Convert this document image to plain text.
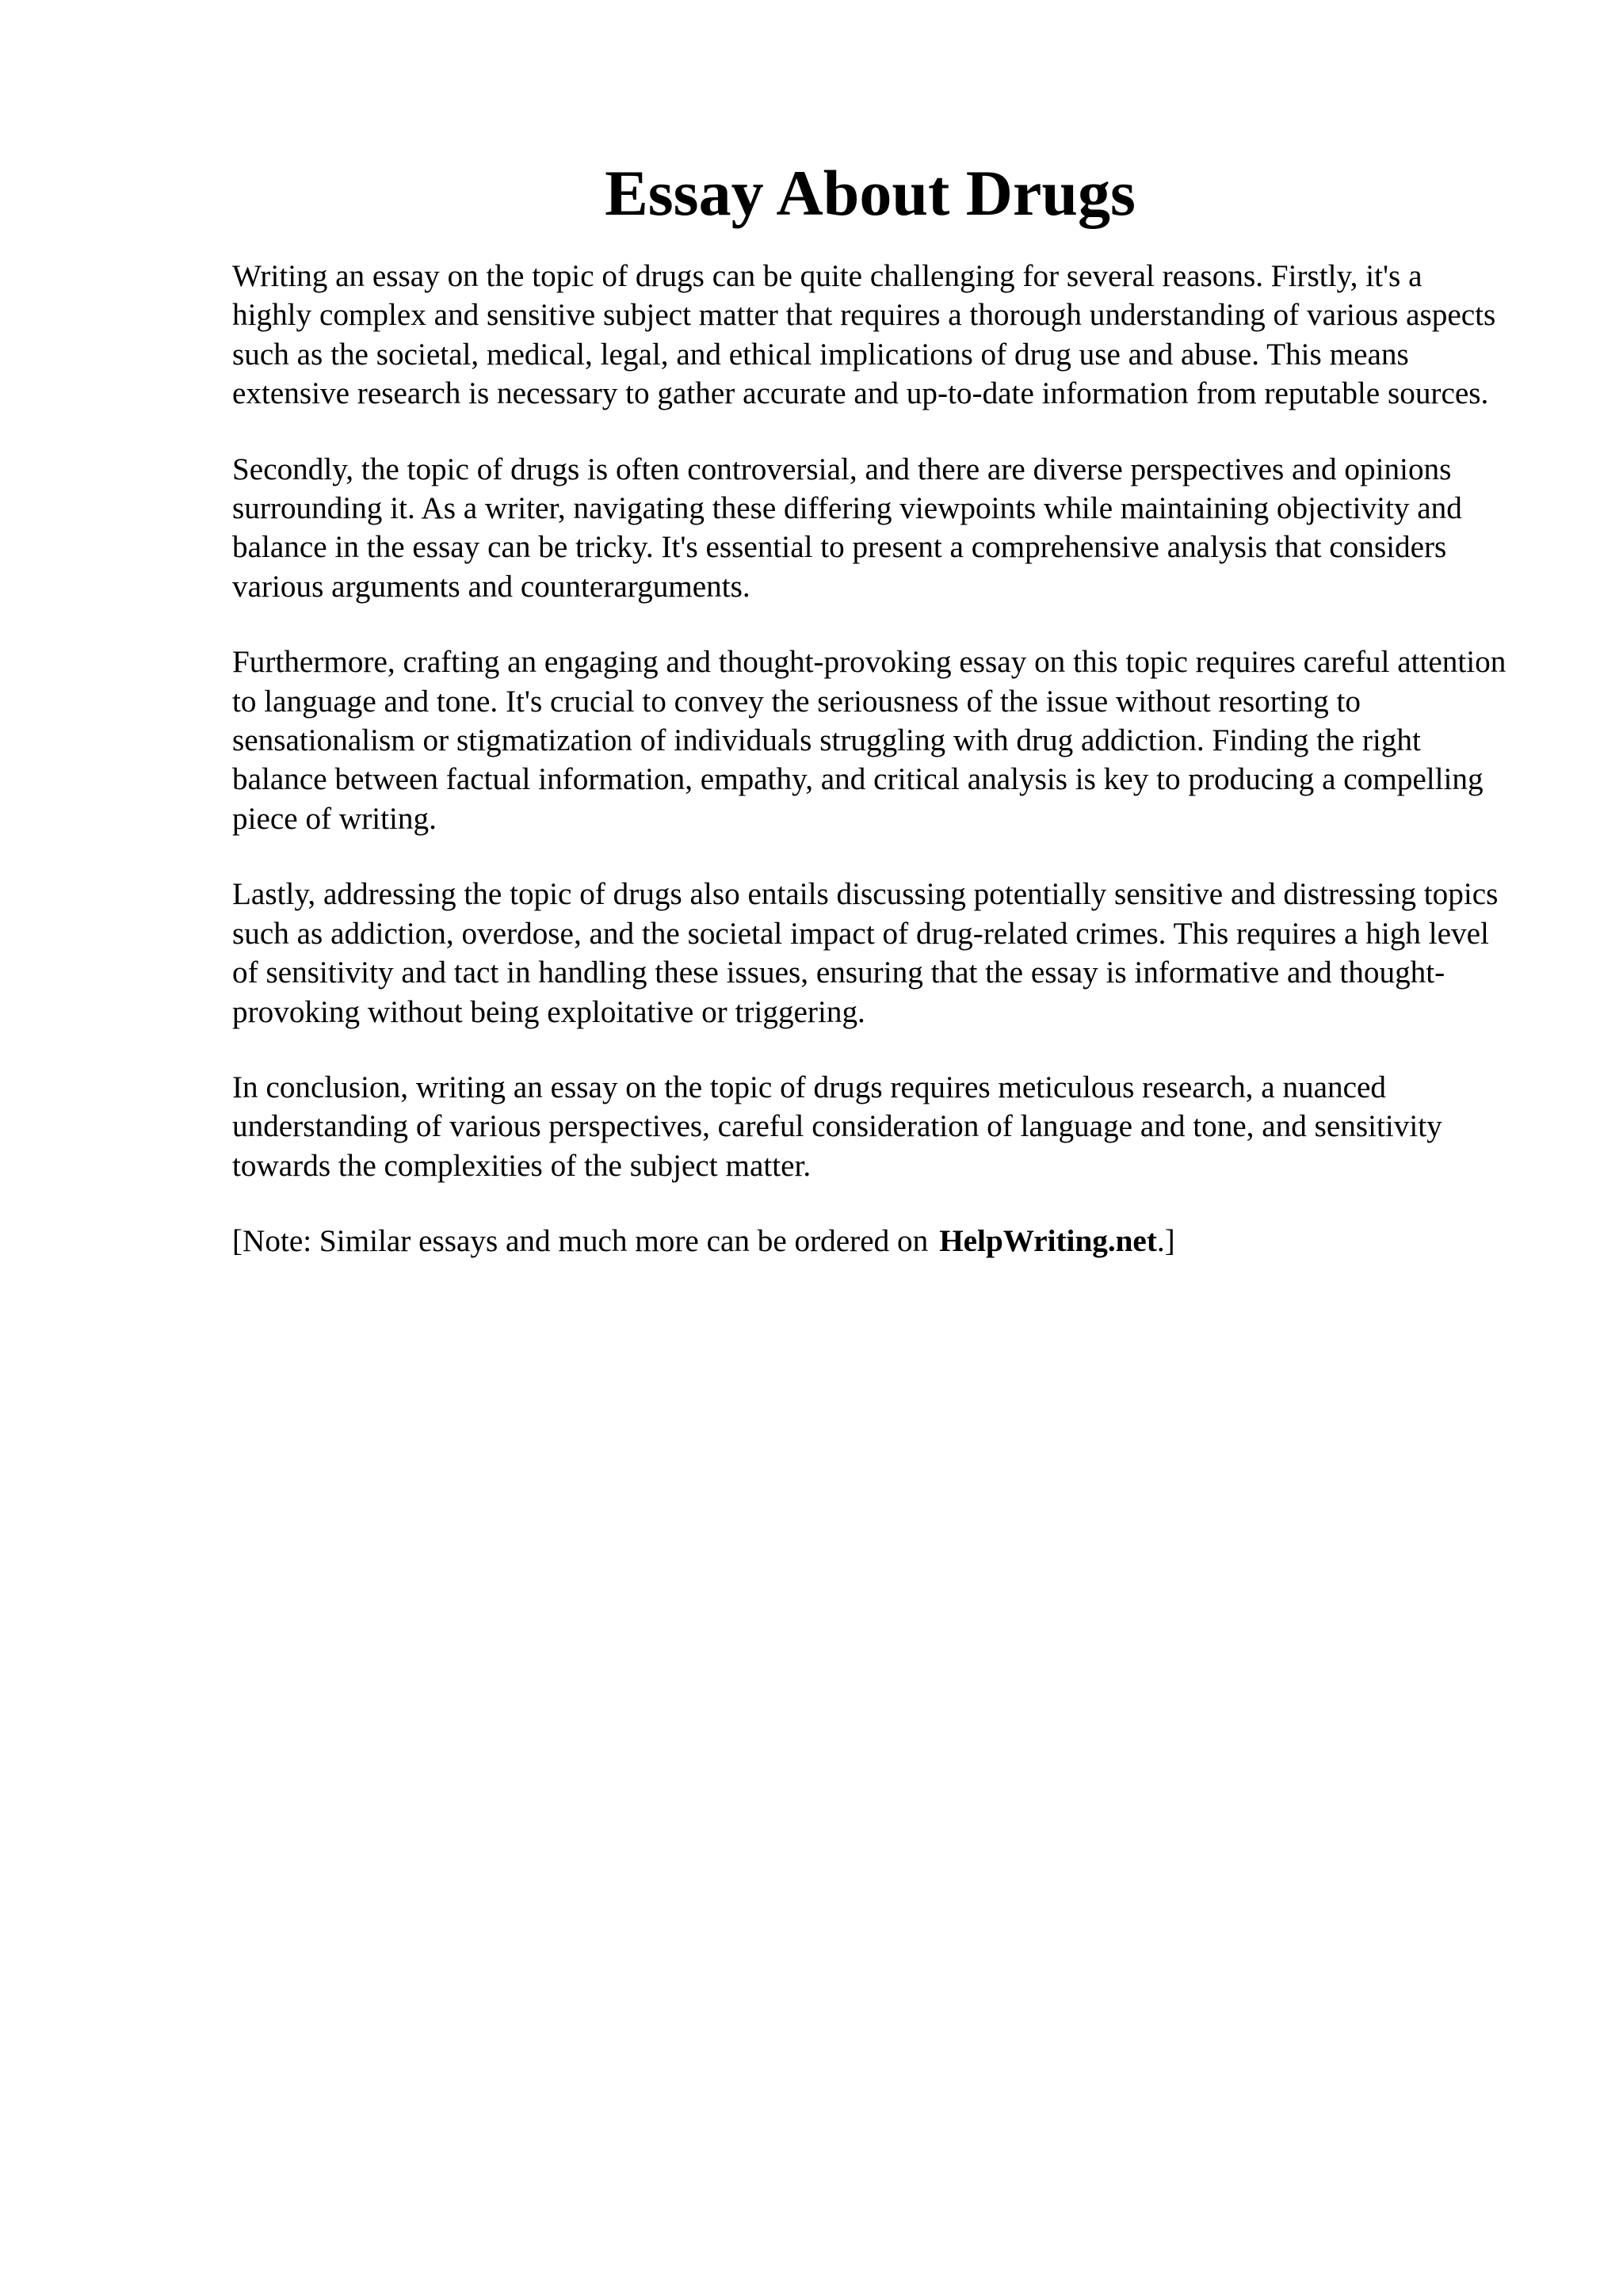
Essay About Drugs

Writing an essay on the topic of drugs can be quite challenging for several reasons. Firstly, it's a highly complex and sensitive subject matter that requires a thorough understanding of various aspects such as the societal, medical, legal, and ethical implications of drug use and abuse. This means extensive research is necessary to gather accurate and up-to-date information from reputable sources.

Secondly, the topic of drugs is often controversial, and there are diverse perspectives and opinions surrounding it. As a writer, navigating these differing viewpoints while maintaining objectivity and balance in the essay can be tricky. It's essential to present a comprehensive analysis that considers various arguments and counterarguments.

Furthermore, crafting an engaging and thought-provoking essay on this topic requires careful attention to language and tone. It's crucial to convey the seriousness of the issue without resorting to sensationalism or stigmatization of individuals struggling with drug addiction. Finding the right balance between factual information, empathy, and critical analysis is key to producing a compelling piece of writing.

Lastly, addressing the topic of drugs also entails discussing potentially sensitive and distressing topics such as addiction, overdose, and the societal impact of drug-related crimes. This requires a high level of sensitivity and tact in handling these issues, ensuring that the essay is informative and thought-provoking without being exploitative or triggering.

In conclusion, writing an essay on the topic of drugs requires meticulous research, a nuanced understanding of various perspectives, careful consideration of language and tone, and sensitivity towards the complexities of the subject matter.

[Note: Similar essays and much more can be ordered on HelpWriting.net.]
